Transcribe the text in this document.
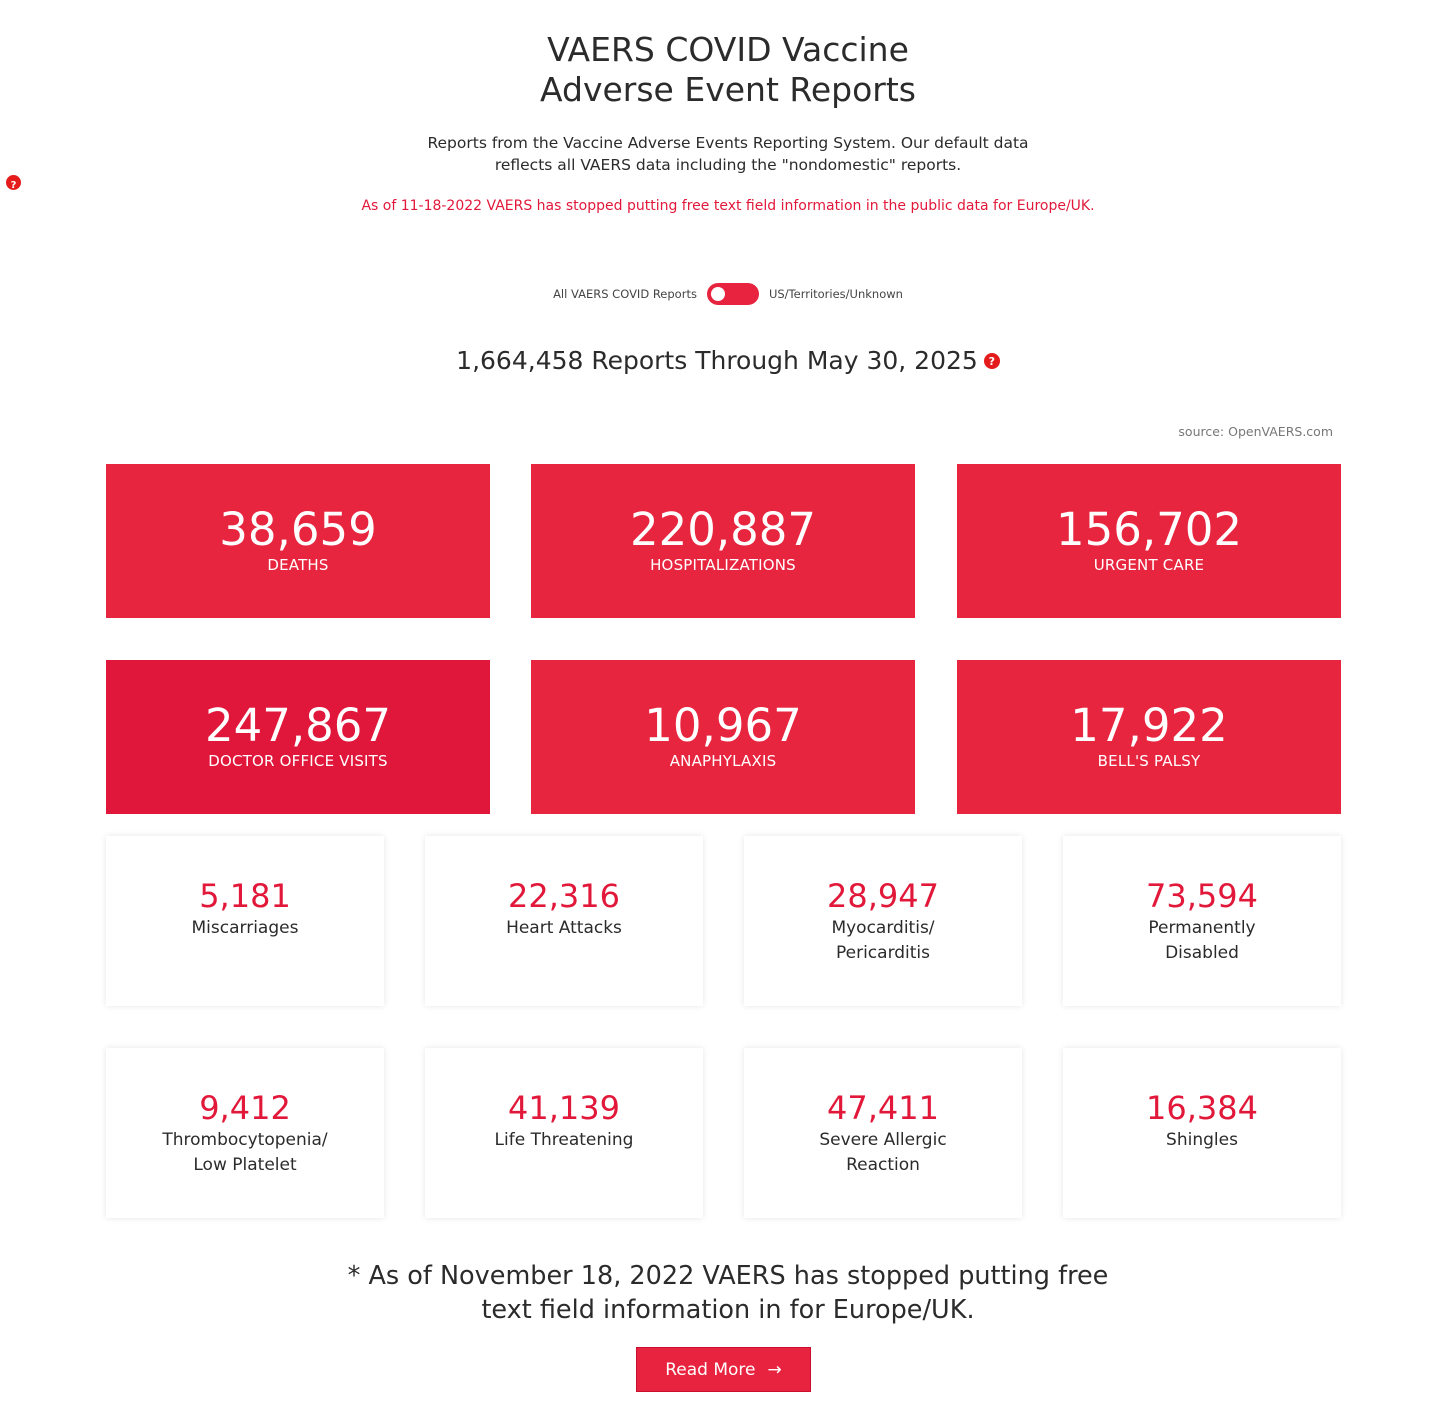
VAERS COVID Vaccine
Adverse Event Reports
Reports from the Vaccine Adverse Events Reporting System. Our default data
reflects all VAERS data including the "nondomestic" reports.
?
As of 11-18-2022 VAERS has stopped putting free text field information in the public data for Europe/UK.
All VAERS COVID Reports	US/Territories/Unknown
1,664,458 Reports Through May 30, 2025 ?
source: OpenVAERS.com
38,659
DEATHS
220,887
HOSPITALIZATIONS
156,702
URGENT CARE
247,867
DOCTOR OFFICE VISITS
10,967
ANAPHYLAXIS
17,922
BELL'S PALSY
5,181
Miscarriages
22,316
Heart Attacks
28,947
Myocarditis/
Pericarditis
73,594
Permanently
Disabled
9,412
Thrombocytopenia/
Low Platelet
41,139
Life Threatening
47,411
Severe Allergic
Reaction
16,384
Shingles
* As of November 18, 2022 VAERS has stopped putting free
text field information in for Europe/UK.
Read More →
